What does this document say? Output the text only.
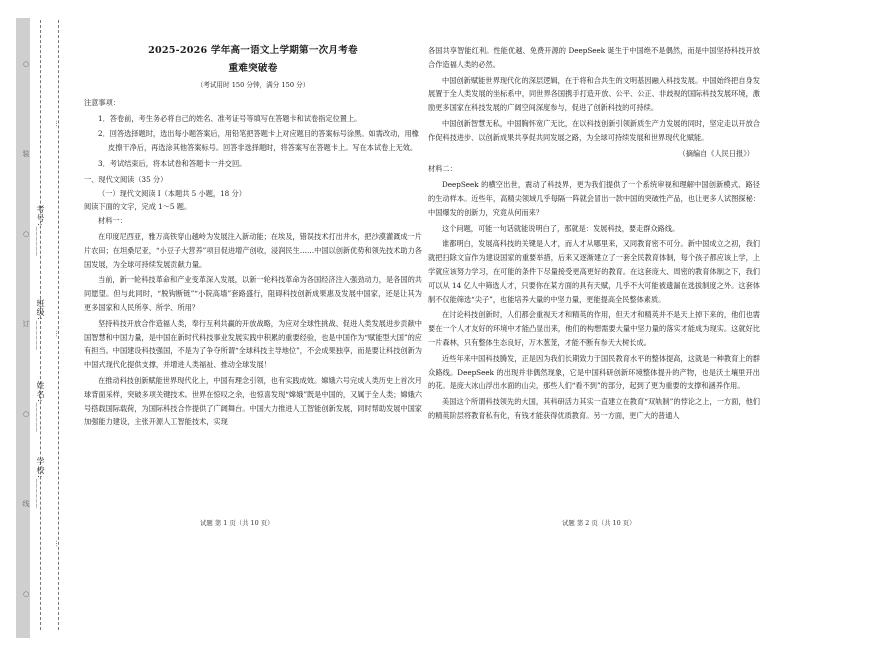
○
装
○
订
○
线
○
…
…
…
考号:______
班级:______
姓名:______
学校:______
2025-2026 学年高一语文上学期第一次月考卷
重难突破卷
（考试用时 150 分钟，满分 150 分）
注意事项：
1．答卷前，考生务必将自己的姓名、准考证号等填写在答题卡和试卷指定位置上。
2．回答选择题时，选出每小题答案后，用铅笔把答题卡上对应题目的答案标号涂黑。如需改动，用橡皮擦干净后，再选涂其他答案标号。回答非选择题时，将答案写在答题卡上。写在本试卷上无效。
3．考试结束后，将本试卷和答题卡一并交回。
一、现代文阅读（35 分）
（一）现代文阅读 I（本题共 5 小题，18 分）
阅读下面的文字，完成 1～5 题。
材料一：
在印度尼西亚，雅万高铁穿山越岭为发展注入新动能；在埃及，错误技术打出井水，把沙漠灌溉成一片片农田；在坦桑尼亚，“小豆子大营养”项目促进增产创收，浸润民生……中国以创新优势和领先技术助力各国发展，为全球可持续发展贡献力量。
当前，新一轮科技革命和产业变革深入发展，以新一轮科技革命为各国经济注入强劲动力，是各国的共同愿望。但与此同时，“脱钩断链”“小院高墙”套路盛行，阻碍科技创新成果惠及发展中国家，还是让其为更多国家和人民所享、所学、所用？
坚持科技开放合作造福人类，奉行互利共赢的开放战略，为应对全球性挑战、促进人类发展进步贡献中国智慧和中国力量，是中国在新时代科技事业发展实践中积累的重要经验，也是中国作为“赋能型大国”的应有担当。中国建设科技强国，不是为了争夺所谓“全球科技主导地位”，不会成果独享，而是要让科技创新为中国式现代化提供支撑，并增进人类福祉、推动全球发展！
在推动科技创新赋能世界现代化上，中国有理念引领，也有实践成效。嫦娥六号完成人类历史上首次月球背面采样，突破多项关键技术。世界在惊叹之余，也惊喜发现“嫦娥”既是中国的，又属于全人类；嫦娥六号搭载国际载荷，为国际科技合作提供了广阔舞台。中国大力推进人工智能创新发展，同时帮助发展中国家加强能力建设，主张开源人工智能技术，实现
各国共享智能红利。性能优越、免费开源的 DeepSeek 诞生于中国绝不是偶然，而是中国坚持科技开放合作造福人类的必然。
中国创新赋能世界现代化的深层逻辑，在于将和合共生的文明基因融入科技发展。中国始终把自身发展置于全人类发展的坐标系中，同世界各国携手打造开放、公平、公正、非歧视的国际科技发展环境，激励更多国家在科技发展的广阔空间深度参与，促进了创新科技的可持续。
中国创新智慧无私，中国胸怀宽广无比，在以科技创新引领新质生产力发展的同时，坚定走以开放合作促科技进步、以创新成果共享促共同发展之路，为全球可持续发展和世界现代化赋能。
（摘编自《人民日报》）
材料二：
DeepSeek 的横空出世，震动了科技界，更为我们提供了一个系统审视和理解中国创新模式、路径的生动样本。近些年，高精尖领域几乎每隔一阵就会冒出一款中国的突破性产品，也让更多人试图探秘：中国爆发的创新力，究竟从何而来？
这个问题，可能一句话就能说明白了，那就是：发展科技，要走群众路线。
谁都明白，发展高科技的关键是人才，而人才从哪里来，又同教育密不可分。新中国成立之初，我们就把扫除文盲作为建设国家的重要举措，后来又逐渐建立了一套全民教育体制，每个孩子都应该上学，上学就应该努力学习，在可能的条件下尽量接受更高更好的教育。在这套庞大、周密的教育体制之下，我们可以从 14 亿人中筛选人才，只要你在某方面的具有天赋，几乎不大可能被遗漏在选拔制度之外。这套体制不仅能筛选“尖子”，也能培养大量的中坚力量，更能提高全民整体素质。
在讨论科技创新时，人们都会重视天才和精英的作用，但天才和精英并不是天上掉下来的，他们也需要在一个人才友好的环境中才能凸显出来，他们的构想需要大量中坚力量的落实才能成为现实。这就好比一片森林，只有整体生态良好，万木葱茏，才能不断有参天大树长成。
近些年来中国科技腾发，正是因为我们长期致力于国民教育水平的整体提高，这就是一种教育上的群众路线。DeepSeek 的出现并非偶然现象，它是中国科研创新环境整体提升的产物，也是沃土壤里开出的花。是庞大冰山浮出水面的山尖，那些人们“看不到”的部分，起到了更为重要的支撑和涵养作用。
美国这个所谓科技领先的大国，其科研活力其实一直建立在教育“双轨制”的悖论之上，一方面，他们的精英阶层将教育私有化，有钱才能获得优质教育。另一方面，更广大的普通人
试题 第 1 页（共 10 页）	试题 第 2 页（共 10 页）
